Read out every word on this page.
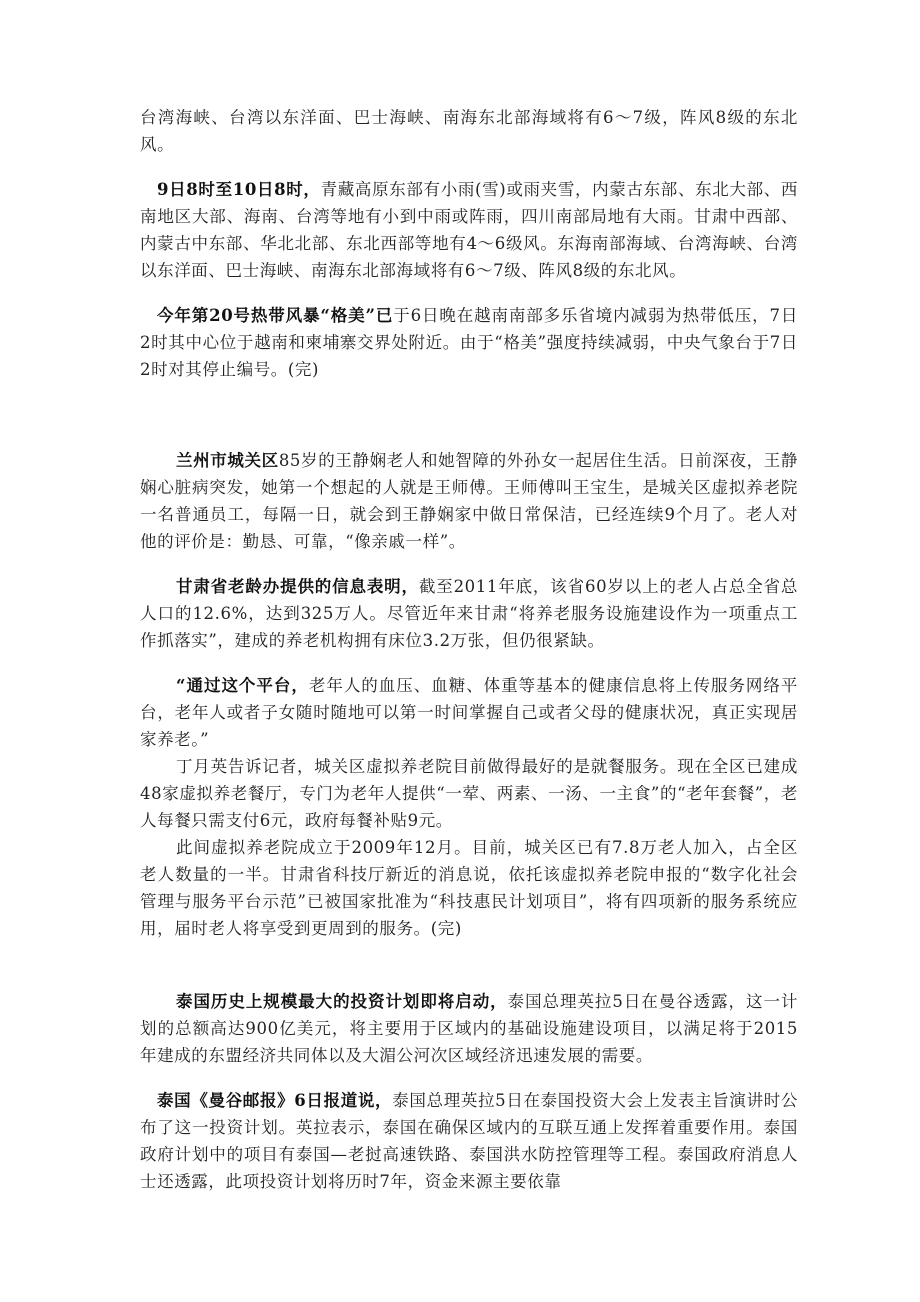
台湾海峡、台湾以东洋面、巴士海峡、南海东北部海域将有6～7级，阵风8级的东北风。

9日8时至10日8时，青藏高原东部有小雨(雪)或雨夹雪，内蒙古东部、东北大部、西南地区大部、海南、台湾等地有小到中雨或阵雨，四川南部局地有大雨。甘肃中西部、内蒙古中东部、华北北部、东北西部等地有4～6级风。东海南部海域、台湾海峡、台湾以东洋面、巴士海峡、南海东北部海域将有6～7级、阵风8级的东北风。

今年第20号热带风暴“格美”已于6日晚在越南南部多乐省境内减弱为热带低压，7日2时其中心位于越南和柬埔寨交界处附近。由于“格美”强度持续减弱，中央气象台于7日2时对其停止编号。(完)

兰州市城关区85岁的王静娴老人和她智障的外孙女一起居住生活。日前深夜，王静娴心脏病突发，她第一个想起的人就是王师傅。王师傅叫王宝生，是城关区虚拟养老院一名普通员工，每隔一日，就会到王静娴家中做日常保洁，已经连续9个月了。老人对他的评价是：勤恳、可靠，“像亲戚一样”。

甘肃省老龄办提供的信息表明，截至2011年底，该省60岁以上的老人占总全省总人口的12.6%，达到325万人。尽管近年来甘肃“将养老服务设施建设作为一项重点工作抓落实”，建成的养老机构拥有床位3.2万张，但仍很紧缺。

“通过这个平台，老年人的血压、血糖、体重等基本的健康信息将上传服务网络平台，老年人或者子女随时随地可以第一时间掌握自己或者父母的健康状况，真正实现居家养老。”

丁月英告诉记者，城关区虚拟养老院目前做得最好的是就餐服务。现在全区已建成48家虚拟养老餐厅，专门为老年人提供“一荤、两素、一汤、一主食”的“老年套餐”，老人每餐只需支付6元，政府每餐补贴9元。

此间虚拟养老院成立于2009年12月。目前，城关区已有7.8万老人加入，占全区老人数量的一半。甘肃省科技厅新近的消息说，依托该虚拟养老院申报的“数字化社会管理与服务平台示范”已被国家批准为“科技惠民计划项目”，将有四项新的服务系统应用，届时老人将享受到更周到的服务。(完)

泰国历史上规模最大的投资计划即将启动，泰国总理英拉5日在曼谷透露，这一计划的总额高达900亿美元，将主要用于区域内的基础设施建设项目，以满足将于2015年建成的东盟经济共同体以及大湄公河次区域经济迅速发展的需要。

泰国《曼谷邮报》6日报道说，泰国总理英拉5日在泰国投资大会上发表主旨演讲时公布了这一投资计划。英拉表示，泰国在确保区域内的互联互通上发挥着重要作用。泰国政府计划中的项目有泰国—老挝高速铁路、泰国洪水防控管理等工程。泰国政府消息人士还透露，此项投资计划将历时7年，资金来源主要依靠
